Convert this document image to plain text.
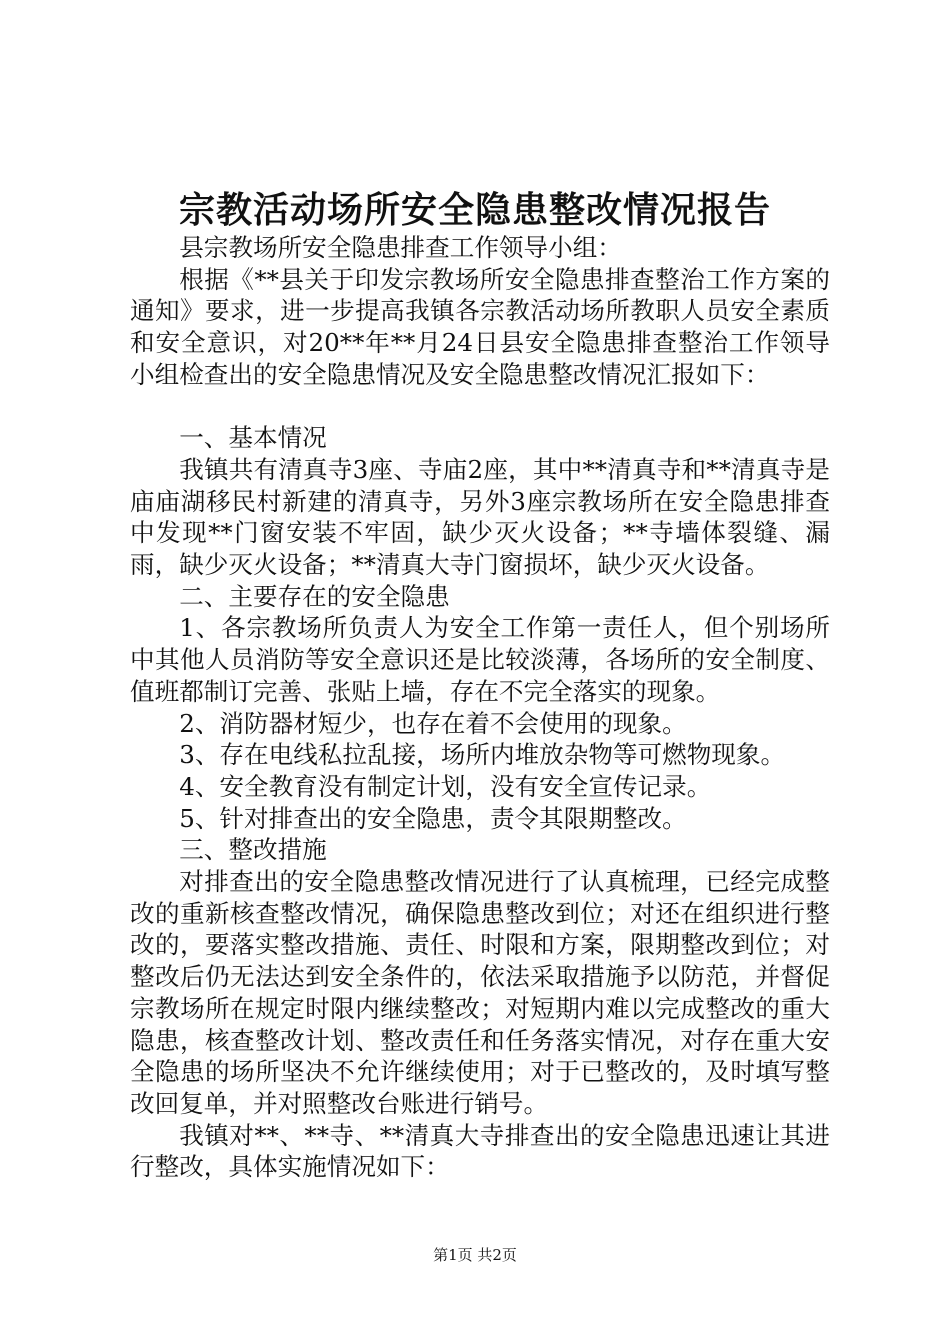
宗教活动场所安全隐患整改情况报告

县宗教场所安全隐患排查工作领导小组：

根据《**县关于印发宗教场所安全隐患排查整治工作方案的通知》要求，进一步提高我镇各宗教活动场所教职人员安全素质和安全意识，对20**年**月24日县安全隐患排查整治工作领导小组检查出的安全隐患情况及安全隐患整改情况汇报如下：

一、基本情况

我镇共有清真寺3座、寺庙2座，其中**清真寺和**清真寺是庙庙湖移民村新建的清真寺，另外3座宗教场所在安全隐患排查中发现**门窗安装不牢固，缺少灭火设备；**寺墙体裂缝、漏雨，缺少灭火设备；**清真大寺门窗损坏，缺少灭火设备。

二、主要存在的安全隐患

1、各宗教场所负责人为安全工作第一责任人，但个别场所中其他人员消防等安全意识还是比较淡薄，各场所的安全制度、值班都制订完善、张贴上墙，存在不完全落实的现象。

2、消防器材短少，也存在着不会使用的现象。

3、存在电线私拉乱接，场所内堆放杂物等可燃物现象。

4、安全教育没有制定计划，没有安全宣传记录。

5、针对排查出的安全隐患，责令其限期整改。

三、整改措施

对排查出的安全隐患整改情况进行了认真梳理，已经完成整改的重新核查整改情况，确保隐患整改到位；对还在组织进行整改的，要落实整改措施、责任、时限和方案，限期整改到位；对整改后仍无法达到安全条件的，依法采取措施予以防范，并督促宗教场所在规定时限内继续整改；对短期内难以完成整改的重大隐患，核查整改计划、整改责任和任务落实情况，对存在重大安全隐患的场所坚决不允许继续使用；对于已整改的，及时填写整改回复单，并对照整改台账进行销号。

我镇对**、**寺、**清真大寺排查出的安全隐患迅速让其进行整改，具体实施情况如下：

第1页 共2页
